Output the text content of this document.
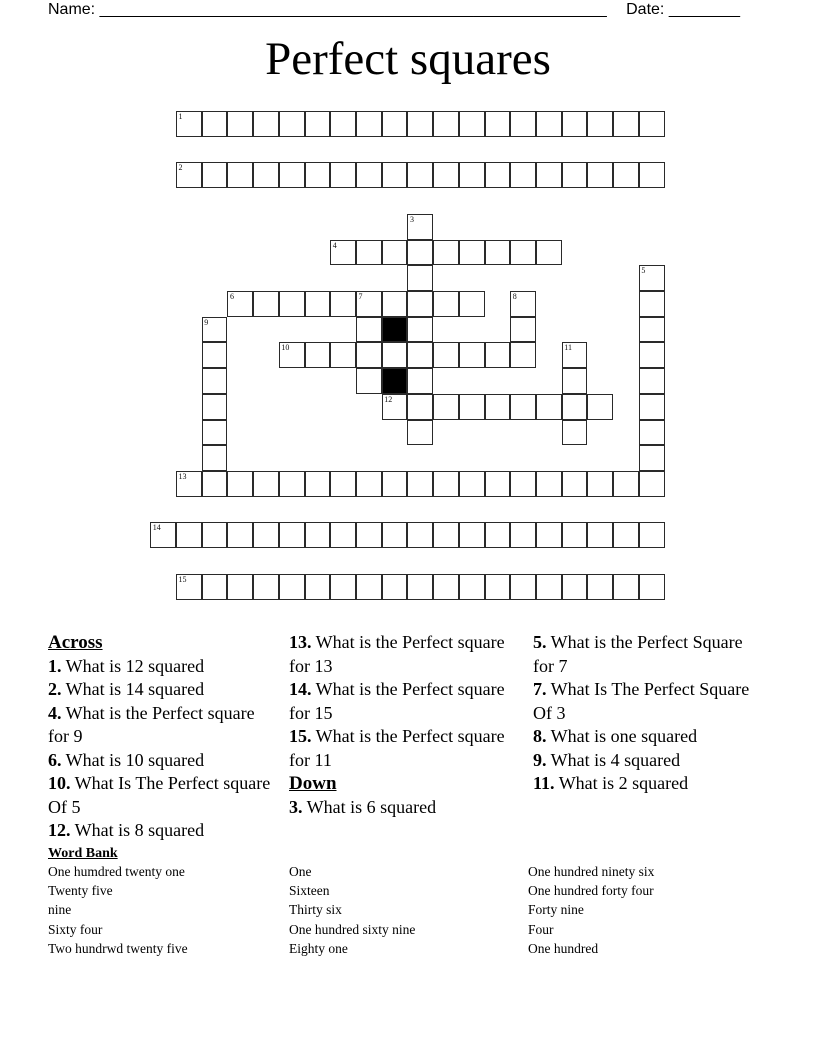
Name: _________________________________________________________ Date: ________
Perfect squares
1
2
3
4
5
6	7	8
9
10	11
12
13
14
15
Across

1. What is 12 squared

2. What is 14 squared

4. What is the Perfect square for 9

6. What is 10 squared

10. What Is The Perfect square Of 5

12. What is 8 squared

13. What is the Perfect square for 13

14. What is the Perfect square for 15

15. What is the Perfect square for 11

Down

3. What is 6 squared

5. What is the Perfect Square for 7

7. What Is The Perfect Square Of 3

8. What is one squared

9. What is 4 squared

11. What is 2 squared

Word Bank

One humdred twenty one

Twenty five

nine

Sixty four

Two hundrwd twenty five

One

Sixteen

Thirty six

One hundred sixty nine

Eighty one

One hundred ninety six

One hundred forty four

Forty nine

Four

One hundred
